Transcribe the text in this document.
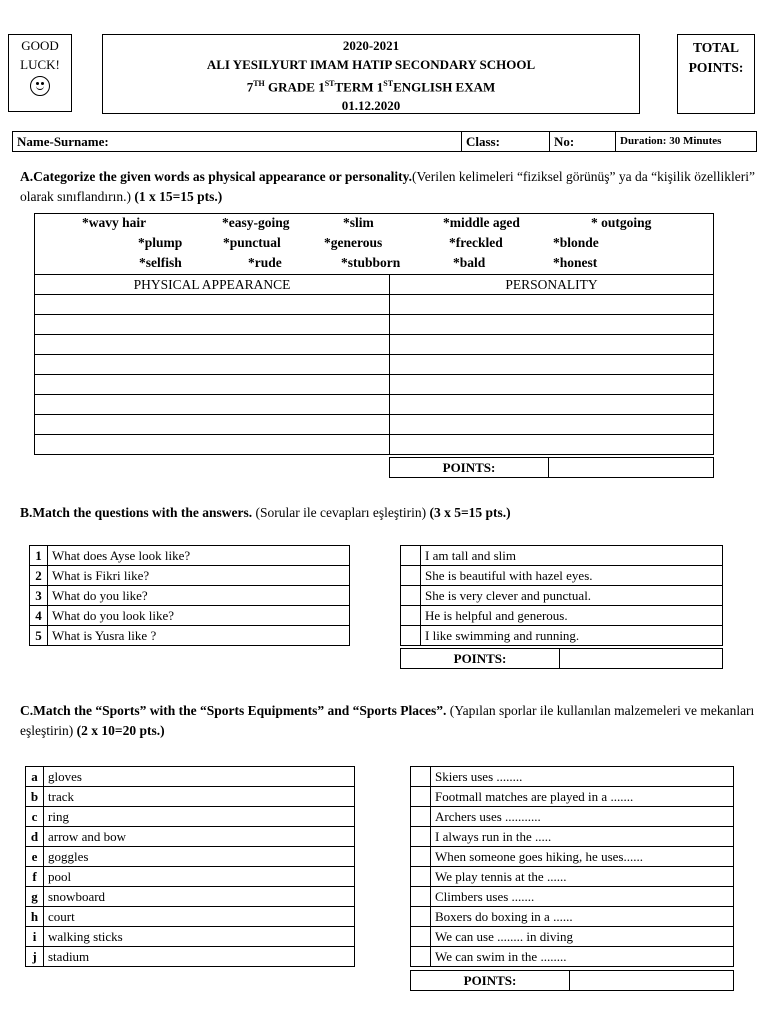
GOOD
LUCK!
2020-2021
ALI YESILYURT IMAM HATIP SECONDARY SCHOOL
7TH GRADE 1STTERM 1STENGLISH EXAM
01.12.2020
TOTAL
POINTS:
Name-Surname:	Class:	No:	Duration: 30 Minutes
A.Categorize the given words as physical appearance or personality.(Verilen kelimeleri “fiziksel görünüş” ya da “kişilik özellikleri” olarak sınıflandırın.) (1 x 15=15 pts.)
*wavy hair	*easy-going	*slim	*middle aged	* outgoing
*plump	*punctual	*generous	*freckled	*blonde
*selfish	*rude	*stubborn	*bald	*honest
PHYSICAL APPEARANCE	PERSONALITY

POINTS:	
B.Match the questions with the answers. (Sorular ile cevapları eşleştirin) (3 x 5=15 pts.)
1	What does Ayse look like?
2	What is Fikri like?
3	What do you like?
4	What do you look like?
5	What is Yusra like ?
	I am tall and slim
	She is beautiful with hazel eyes.
	She is very clever and punctual.
	He is helpful and generous.
	I like swimming and running.
POINTS:	
C.Match the “Sports” with the “Sports Equipments” and “Sports Places”. (Yapılan sporlar ile kullanılan malzemeleri ve mekanları eşleştirin) (2 x 10=20 pts.)
a	gloves
b	track
c	ring
d	arrow and bow
e	goggles
f	pool
g	snowboard
h	court
i	walking sticks
j	stadium
	Skiers uses ........
	Footmall matches are played in a .......
	Archers uses ...........
	I always run in the .....
	When someone goes hiking, he uses......
	We play tennis at the ......
	Climbers uses .......
	Boxers do boxing in a ......
	We can use ........ in diving
	We can swim in the ........
POINTS:	
